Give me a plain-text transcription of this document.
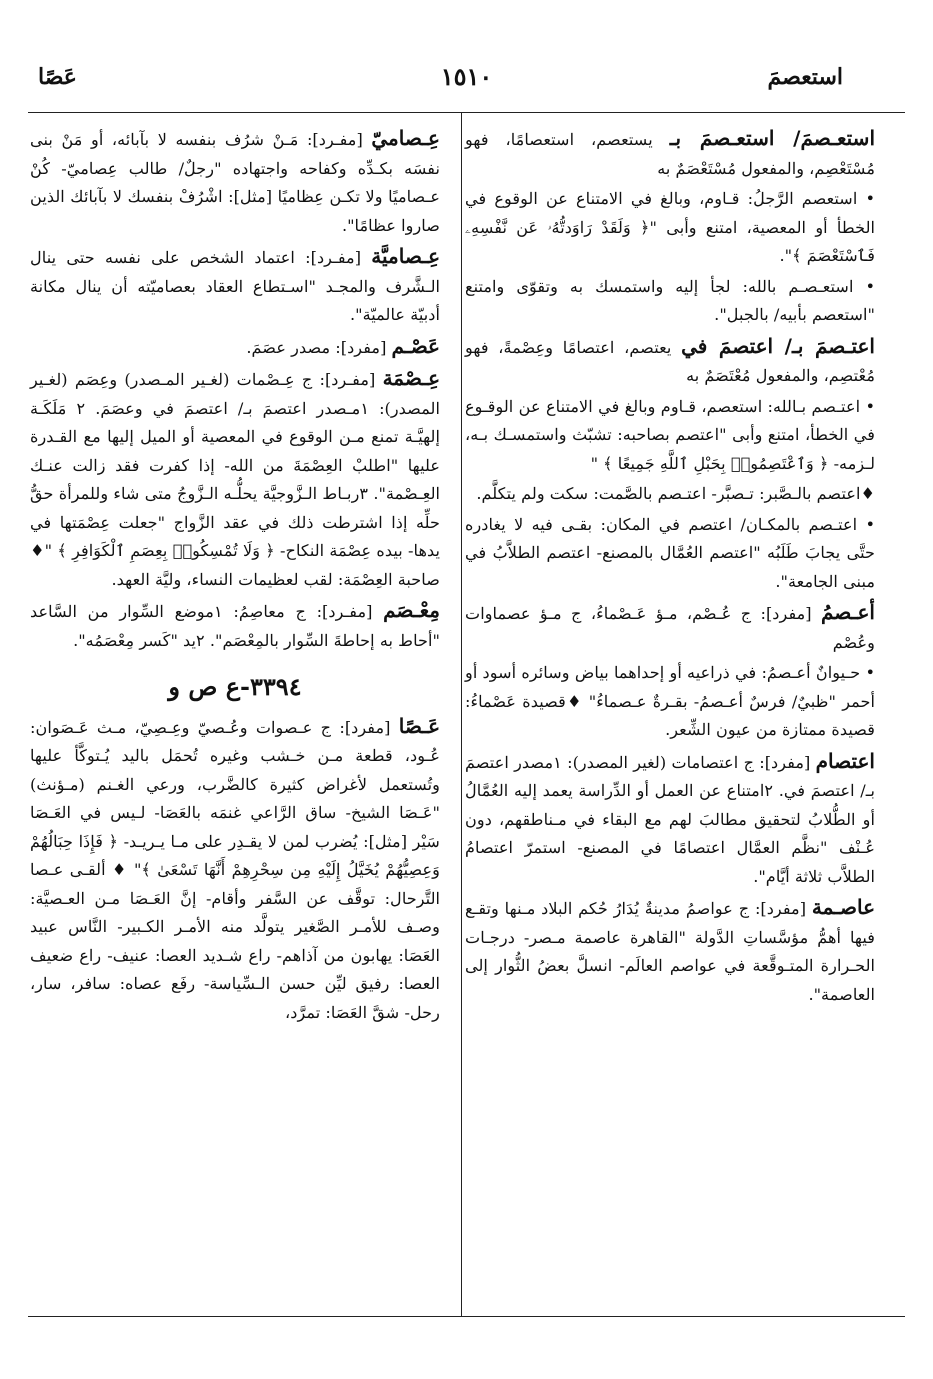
استعصمَ
١٥١٠
عَصًا

استعـصمَ/ استعـصمَ بـ يستعصم، استعصامًا، فهو مُسْتَعْصِم، والمفعول مُسْتَعْصَمٌ به

• استعصم الرَّجلُ: قـاوم، وبالغ في الامتناع عن الوقوع في الخطأ أو المعصية، امتنع وأبى "﴿ وَلَقَدْ رَاوَدتُّهُۥ عَن نَّفْسِهِۦ فَٱسْتَعْصَمَ ﴾".

• استعـصـم بالله: لجأ إليه واستمسك به وتقوّى وامتنع "استعصم بأبيه/ بالجبل".

اعتـصمَ بـ/ اعتصمَ في يعتصم، اعتصامًا وعِصْمةً، فهو مُعْتصِم، والمفعول مُعْتَصَمٌ به

• اعتـصم بـالله: استعصم، قـاوم وبالغ في الامتناع عن الوقـوع في الخطأ، امتنع وأبى "اعتصم بصاحبه: تشبّث واستمسـك بـه، لـزمه- ﴿ وَٱعْتَصِمُوا۟ بِحَبْلِ ٱللَّهِ جَمِيعًا ﴾ "

♦اعتصم بالـصَّبر: تـصبَّر- اعتـصم بالصَّمت: سكت ولم يتكلَّم.

• اعتـصم بالمكـان/ اعتصم في المكان: بقـى فيه لا يغادره حتَّى يجابَ طَلَبُه "اعتصم العُمَّال بالمصنع- اعتصم الطلاَّبُ في مبنى الجامعة".

أعـصمُ [مفرد]: ج عُـصْم، مـؤ عَـصْماءُ، ج مـؤ عصماوات وعُصْم

• حـيوانٌ أعـصمُ: في ذراعيه أو إحداهما بياض وسائره أسود أو أحمر "ظبيٌ/ فرسٌ أعـصمُ- بقـرةٌ عـصماءُ" ♦قصيدة عَصْماءُ: قصيدة ممتازة من عيون الشِّعر.

اعتصام [مفرد]: ج اعتصامات (لغير المصدر): ١مصدر اعتصمَ بـ/ اعتصمَ في. ٢امتناع عن العمل أو الدِّراسة يعمد إليه العُمَّالُ أو الطُّلابُ لتحقيق مطالبَ لهم مع البقاء في مـناطقهم، دون عُـنْف "نظَّم العمَّال اعتصامًا في المصنع- استمرّ اعتصامُ الطلاَّب ثلاثة أيَّام".

عاصـمة [مفرد]: ج عواصمُ مدينةٌ يُدَارُ حُكم البلاد مـنها وتقـع فيها أهمُّ مؤسَّساتِ الدَّولة "القاهرة عاصمة مـصر- درجـات الحـرارة المتـوقَّعة في عواصم العالَم- انسلَّ بعضُ الثُّوار إلى العاصمة".

عِـصاميّ [مفـرد]: مَـنْ شرُف بنفسه لا بآبائه، أو مَنْ بنى نفسَه بكـدِّه وكفاحه واجتهاده "رجلٌ/ طالب عِصاميّ- كُنْ عـصاميًا ولا تكـن عِظاميًا [مثل]: اشْرُفْ بنفسك لا بآبائك الذين صاروا عظامًا".

عِـصاميَّة [مفـرد]: اعتماد الشخص على نفسه حتى ينال الـشَّرف والمجـد "اسـتطاع العقاد بعصاميّته أن ينال مكانة أدبيّة عالميّة".

عَصْـم [مفرد]: مصدر عصَمَ.

عِـصْمَة [مفـرد]: ج عِـصْمات (لغـير المـصدر) وعِصَم (لغـير المصدر): ١مـصدر اعتصمَ بـ/ اعتصمَ في وعصَمَ. ٢ مَلَكَـة إلهيَّـة تمنع مـن الوقوع في المعصية أو الميل إليها مع القـدرة عليها "اطلبْ العِصْمَةَ من الله- إذا كفرت فقد زالت عنـك العِـصْمة". ٣ربـاط الـزَّوجيَّة يحلُّـه الـزَّوجُ متى شاء وللمرأة حقُّ حلِّه إذا اشترطت ذلك في عقد الزَّواج "جعلت عِصْمَتها في يدها- بيده عِصْمَة النكاح- ﴿ وَلَا تُمْسِكُوا۟ بِعِصَمِ ٱلْكَوَافِرِ ﴾ "♦ صاحبة العِصْمَة: لقب لعظيمات النساء، وليَّة العهد.

مِعْـصَم [مفـرد]: ج معاصِمُ: ١موضع السِّوار من السَّاعد "أحاط به إحاطةَ السِّوار بالمِعْصَم". ٢يد "كَسر مِعْصَمُه".

٣٣٩٤-ع ص و

عَـصًا [مفرد]: ج عـصوات وعُـصيّ وعِـصِيّ، مـث عَـصَوان: عُـود، قطعة مـن خـشب وغيره تُحمَل باليد يُـتوكَّأ عليها وتُستعمل لأغراض كثيرة كالضَّرب، ورعي الغـنم (مـؤنث) "عَـصَا الشيخ- ساق الرَّاعي غنمَه بالعَصَا- لـيس في العَـصَا سَيْر [مثل]: يُضرب لمن لا يقـدِر على مـا يـريـد- ﴿ فَإِذَا حِبَالُهُمْ وَعِصِيُّهُمْ يُخَيَّلُ إِلَيْهِ مِن سِحْرِهِمْ أَنَّهَا تَسْعَىٰ ﴾" ♦ ألقـى عـصا التَّرحال: توقَّف عن السَّفر وأقام- إنَّ العَـصَا مـن العـصيَّة: وصـف للأمـر الصَّغير يتولَّد منه الأمـر الكـبير- النَّاس عبيد العَصَا: يهابون من آذاهم- راع شـديد العصا: عنيف- راع ضعيف العصا: رفيق ليِّن حسن الـسِّياسة- رفَع عصاه: سافر، سار، رحل- شقَّ العَصَا: تمرَّد،
